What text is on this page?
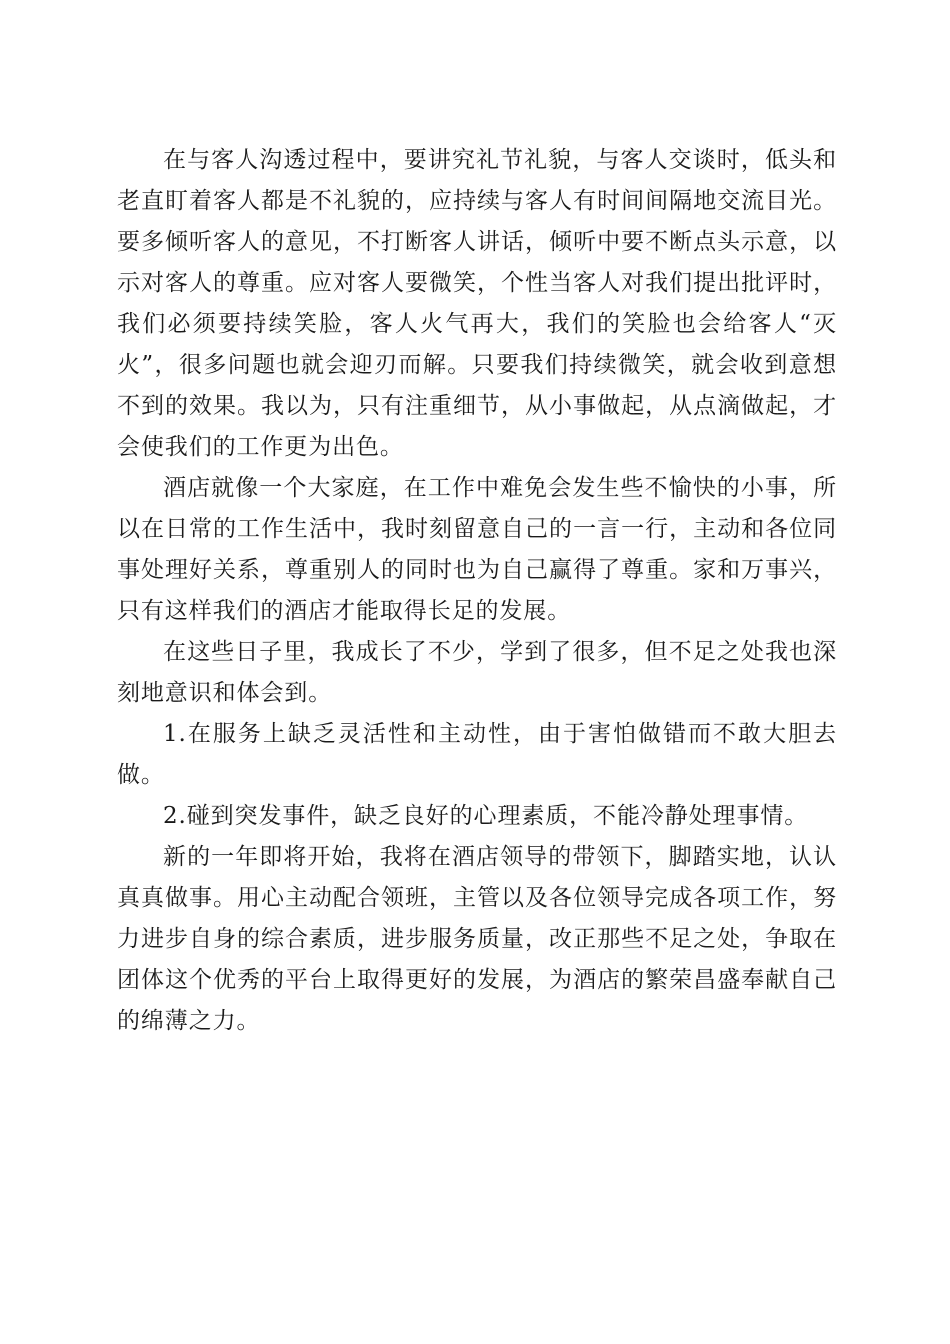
在与客人沟透过程中，要讲究礼节礼貌，与客人交谈时，低头和老直盯着客人都是不礼貌的，应持续与客人有时间间隔地交流目光。要多倾听客人的意见，不打断客人讲话，倾听中要不断点头示意，以示对客人的尊重。应对客人要微笑，个性当客人对我们提出批评时，我们必须要持续笑脸，客人火气再大，我们的笑脸也会给客人“灭火”，很多问题也就会迎刃而解。只要我们持续微笑，就会收到意想不到的效果。我以为，只有注重细节，从小事做起，从点滴做起，才会使我们的工作更为出色。

酒店就像一个大家庭，在工作中难免会发生些不愉快的小事，所以在日常的工作生活中，我时刻留意自己的一言一行，主动和各位同事处理好关系，尊重别人的同时也为自己赢得了尊重。家和万事兴，只有这样我们的酒店才能取得长足的发展。

在这些日子里，我成长了不少，学到了很多，但不足之处我也深刻地意识和体会到。

1.在服务上缺乏灵活性和主动性，由于害怕做错而不敢大胆去做。

2.碰到突发事件，缺乏良好的心理素质，不能冷静处理事情。

新的一年即将开始，我将在酒店领导的带领下，脚踏实地，认认真真做事。用心主动配合领班，主管以及各位领导完成各项工作，努力进步自身的综合素质，进步服务质量，改正那些不足之处，争取在团体这个优秀的平台上取得更好的发展，为酒店的繁荣昌盛奉献自己的绵薄之力。
